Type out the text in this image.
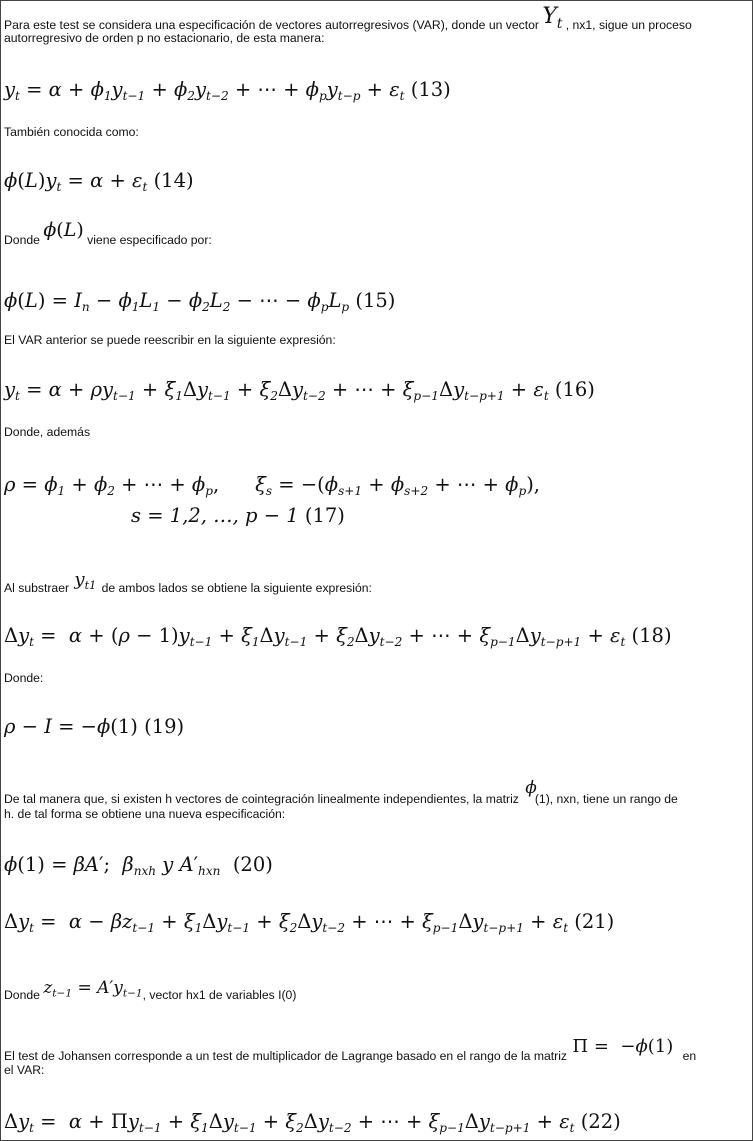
Para este test se considera una especificación de vectores autorregresivos (VAR), donde un vector $Y_t$ , nx1, sigue un proceso
autorregresivo de orden p no estacionario, de esta manera:
$y_t = \alpha + \phi_1y_{t-1} + \phi_2y_{t-2}$ + ⋯ + $\phi_py_{t-p} + \varepsilon_t$ (13)
También conocida como:
$\phi(L)y_t = \alpha + \varepsilon_t$ (14)
Donde ϕ(L) viene especificado por:
$\phi(L) = I_n - \phi_1L_1 - \phi_2L_2$ − ⋯ − $\phi_pL_p$ (15)
El VAR anterior se puede reescribir en la siguiente expresión:
$y_t = \alpha + \rho y_{t-1} + \xi_1\Delta y_{t-1} + \xi_2\Delta y_{t-2}$ + ⋯ + $\xi_{p-1}\Delta y_{t-p+1} + \varepsilon_t$ (16)
Donde, además
$\rho = \phi_1 + \phi_2$ + ⋯ + $\phi_p$, $\xi_s = -(\phi_{s+1} + \phi_{s+2}$ + ⋯ + $\phi_p$),
s = 1,2, …, p − 1 (17)
Al substraer $y_{t1}$ de ambos lados se obtiene la siguiente expresión:
$\Delta y_t = \alpha + (\rho - 1)y_{t-1} + \xi_1\Delta y_{t-1} + \xi_2\Delta y_{t-2}$ + ⋯ + $\xi_{p-1}\Delta y_{t-p+1} + \varepsilon_t$ (18)
Donde:
ρ − I = −ϕ(1) (19)
De tal manera que, si existen h vectores de cointegración linealmente independientes, la matriz ϕ(1), nxn, tiene un rango de
h. de tal forma se obtiene una nueva especificación:
ϕ(1) = βA′;  $\beta_{nxh}$ y $A'_{hxn}$ (20)
$\Delta y_t = \alpha - \beta z_{t-1} + \xi_1\Delta y_{t-1} + \xi_2\Delta y_{t-2}$ + ⋯ + $\xi_{p-1}\Delta y_{t-p+1} + \varepsilon_t$ (21)
Donde $z_{t-1} = A'y_{t-1}$, vector hx1 de variables I(0)
El test de Johansen corresponde a un test de multiplicador de Lagrange basado en el rango de la matriz Π =  −ϕ(1) en
el VAR:
$\Delta y_t = \alpha + \Pi y_{t-1} + \xi_1\Delta y_{t-1} + \xi_2\Delta y_{t-2}$ + ⋯ + $\xi_{p-1}\Delta y_{t-p+1} + \varepsilon_t$ (22)
